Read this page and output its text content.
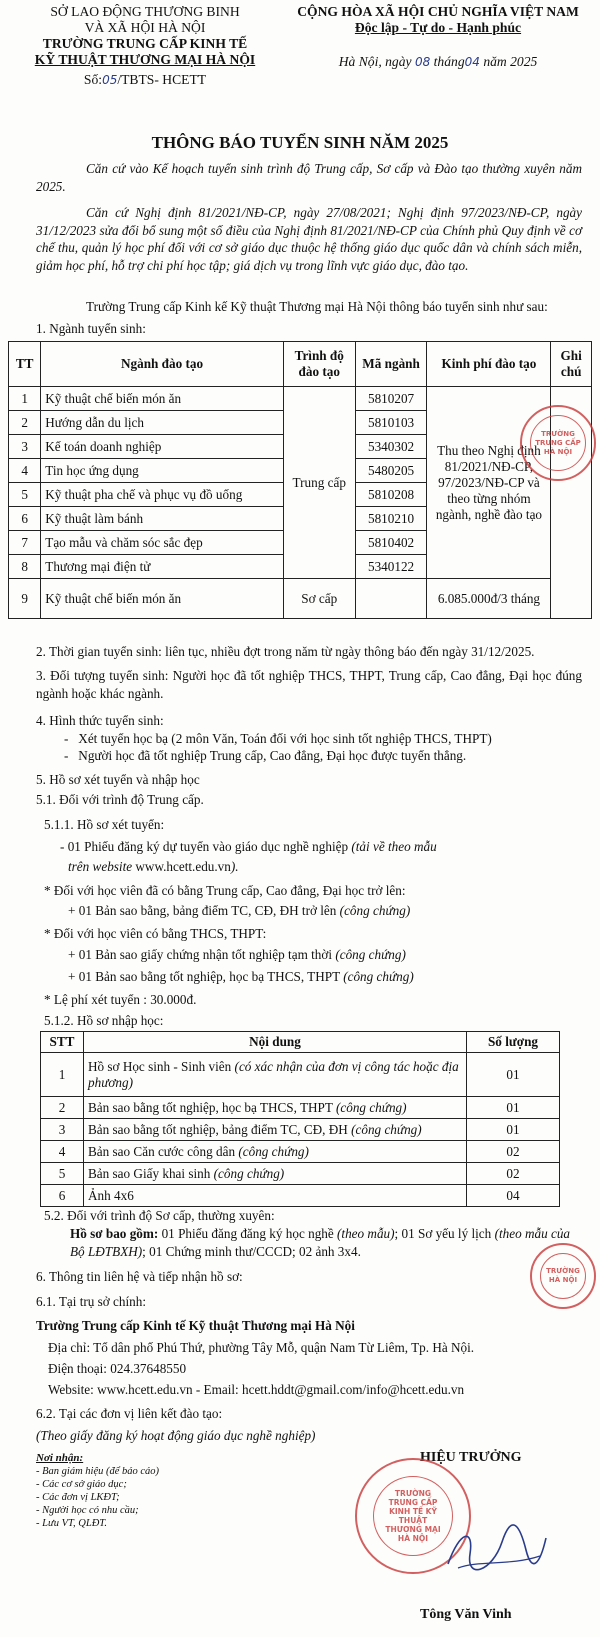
SỞ LAO ĐỘNG THƯƠNG BINH
VÀ XÃ HỘI HÀ NỘI
TRƯỜNG TRUNG CẤP KINH TẾ
KỸ THUẬT THƯƠNG MẠI HÀ NỘI
Số:05/TBTS- HCETT
CỘNG HÒA XÃ HỘI CHỦ NGHĨA VIỆT NAM
Độc lập - Tự do - Hạnh phúc
Hà Nội, ngày 08 tháng04 năm 2025
THÔNG BÁO TUYỂN SINH NĂM 2025
Căn cứ vào Kế hoạch tuyển sinh trình độ Trung cấp, Sơ cấp và Đào tạo thường xuyên năm 2025.
Căn cứ Nghị định 81/2021/NĐ-CP, ngày 27/08/2021; Nghị định 97/2023/NĐ-CP, ngày 31/12/2023 sửa đổi bổ sung một số điều của Nghị định 81/2021/NĐ-CP của Chính phủ Quy định về cơ chế thu, quản lý học phí đối với cơ sở giáo dục thuộc hệ thống giáo dục quốc dân và chính sách miễn, giảm học phí, hỗ trợ chi phí học tập; giá dịch vụ trong lĩnh vực giáo dục, đào tạo.
Trường Trung cấp Kinh kế Kỹ thuật Thương mại Hà Nội thông báo tuyển sinh như sau:
1. Ngành tuyển sinh:
TT	Ngành đào tạo	Trình độ đào tạo	Mã ngành	Kinh phí đào tạo	Ghi chú
1	Kỹ thuật chế biến món ăn	Trung cấp	5810207	Thu theo Nghị định 81/2021/NĐ-CP, 97/2023/NĐ-CP và theo từng nhóm ngành, nghề đào tạo	
2	Hướng dẫn du lịch		5810103		
3	Kế toán doanh nghiệp		5340302		
4	Tin học ứng dụng		5480205		
5	Kỹ thuật pha chế và phục vụ đồ uống		5810208		
6	Kỹ thuật làm bánh		5810210		
7	Tạo mẫu và chăm sóc sắc đẹp		5810402		
8	Thương mại điện tử		5340122		
9	Kỹ thuật chế biến món ăn	Sơ cấp		6.085.000đ/3 tháng	
TRƯỜNG
TRUNG CẤP
HÀ NỘI
2. Thời gian tuyển sinh: liên tục, nhiều đợt trong năm từ ngày thông báo đến ngày 31/12/2025.
3. Đối tượng tuyển sinh: Người học đã tốt nghiệp THCS, THPT, Trung cấp, Cao đẳng, Đại học đúng ngành hoặc khác ngành.
4. Hình thức tuyển sinh:
-   Xét tuyển học bạ (2 môn Văn, Toán đối với học sinh tốt nghiệp THCS, THPT)
-   Người học đã tốt nghiệp Trung cấp, Cao đẳng, Đại học được tuyển thẳng.
5. Hồ sơ xét tuyển và nhập học
5.1. Đối với trình độ Trung cấp.
5.1.1. Hồ sơ xét tuyển:
- 01 Phiếu đăng ký dự tuyển vào giáo dục nghề nghiệp (tải về theo mẫu
trên website www.hcett.edu.vn).
* Đối với học viên đã có bằng Trung cấp, Cao đẳng, Đại học trở lên:
+ 01 Bản sao bằng, bảng điểm TC, CĐ, ĐH trở lên (công chứng)
* Đối với học viên có bằng THCS, THPT:
+ 01 Bản sao giấy chứng nhận tốt nghiệp tạm thời (công chứng)
+ 01 Bản sao bằng tốt nghiệp, học bạ THCS, THPT (công chứng)
* Lệ phí xét tuyển : 30.000đ.
5.1.2. Hồ sơ nhập học:
STT	Nội dung	Số lượng
1	Hồ sơ Học sinh - Sinh viên (có xác nhận của đơn vị công tác hoặc địa phương)	01
2	Bản sao bằng tốt nghiệp, học bạ THCS, THPT (công chứng)	01
3	Bản sao bằng tốt nghiệp, bảng điểm TC, CĐ, ĐH (công chứng)	01
4	Bản sao Căn cước công dân (công chứng)	02
5	Bản sao Giấy khai sinh (công chứng)	02
6	Ảnh 4x6	04
5.2. Đối với trình độ Sơ cấp, thường xuyên:
Hồ sơ bao gồm: 01 Phiếu đăng đăng ký học nghề (theo mẫu); 01 Sơ yếu lý lịch (theo mẫu của Bộ LĐTBXH); 01 Chứng minh thư/CCCD; 02 ảnh 3x4.
TRƯỜNG
HÀ NỘI
6. Thông tin liên hệ và tiếp nhận hồ sơ:
6.1. Tại trụ sở chính:
Trường Trung cấp Kinh tế Kỹ thuật Thương mại Hà Nội
Địa chỉ: Tổ dân phố Phú Thứ, phường Tây Mỗ, quận Nam Từ Liêm, Tp. Hà Nội.
Điện thoại: 024.37648550
Website: www.hcett.edu.vn - Email: hcett.hddt@gmail.com/info@hcett.edu.vn
6.2. Tại các đơn vị liên kết đào tạo:
(Theo giấy đăng ký hoạt động giáo dục nghề nghiệp)
Nơi nhận:
- Ban giám hiệu (để báo cáo)
- Các cơ sở giáo dục;
- Các đơn vị LKĐT;
- Người học có nhu cầu;
- Lưu VT, QLĐT.
HIỆU TRƯỞNG
TRƯỜNG
TRUNG CẤP
KINH TẾ KỸ THUẬT
THƯƠNG MẠI
HÀ NỘI
Tông Văn Vinh
